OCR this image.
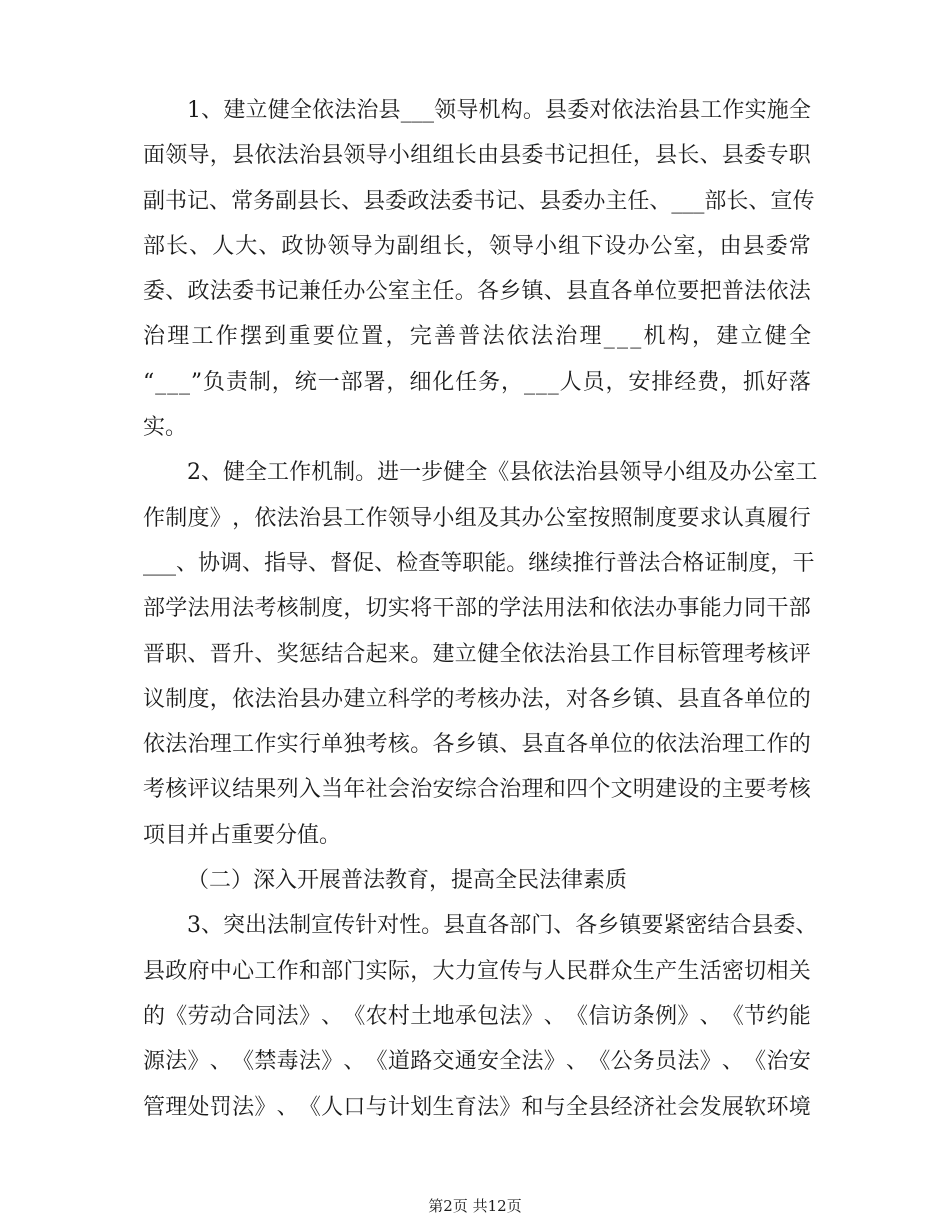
1 、 建 立 健 全 依 法 治 县 _ _ _ 领 导 机 构 。 县 委 对 依 法 治 县 工 作 实 施 全
面 领 导 ， 县 依 法 治 县 领 导 小 组 组 长 由 县 委 书 记 担 任 ， 县 长 、 县 委 专 职
副 书 记 、 常 务 副 县 长 、 县 委 政 法 委 书 记 、 县 委 办 主 任 、 _ _ _ 部 长 、 宣 传
部 长 、 人 大 、 政 协 领 导 为 副 组 长 ， 领 导 小 组 下 设 办 公 室 ， 由 县 委 常
委 、 政 法 委 书 记 兼 任 办 公 室 主 任 。 各 乡 镇 、 县 直 各 单 位 要 把 普 法 依 法
治 理 工 作 摆 到 重 要 位 置 ， 完 善 普 法 依 法 治 理 _ _ _ 机 构 ， 建 立 健 全
“ _ _ _ ” 负 责 制 ， 统 一 部 署 ， 细 化 任 务 ， _ _ _ 人 员 ， 安 排 经 费 ， 抓 好 落
实。
2 、 健 全 工 作 机 制 。 进 一 步 健 全 《 县 依 法 治 县 领 导 小 组 及 办 公 室 工
作 制 度 》 ， 依 法 治 县 工 作 领 导 小 组 及 其 办 公 室 按 照 制 度 要 求 认 真 履 行
_ _ _ 、 协 调 、 指 导 、 督 促 、 检 查 等 职 能 。 继 续 推 行 普 法 合 格 证 制 度 ， 干
部 学 法 用 法 考 核 制 度 ， 切 实 将 干 部 的 学 法 用 法 和 依 法 办 事 能 力 同 干 部
晋 职 、 晋 升 、 奖 惩 结 合 起 来 。 建 立 健 全 依 法 治 县 工 作 目 标 管 理 考 核 评
议 制 度 ， 依 法 治 县 办 建 立 科 学 的 考 核 办 法 ， 对 各 乡 镇 、 县 直 各 单 位 的
依 法 治 理 工 作 实 行 单 独 考 核 。 各 乡 镇 、 县 直 各 单 位 的 依 法 治 理 工 作 的
考 核 评 议 结 果 列 入 当 年 社 会 治 安 综 合 治 理 和 四 个 文 明 建 设 的 主 要 考 核
项目并占重要分值。
（二）深入开展普法教育，提高全民法律素质
3 、 突 出 法 制 宣 传 针 对 性 。 县 直 各 部 门 、 各 乡 镇 要 紧 密 结 合 县 委 、
县 政 府 中 心 工 作 和 部 门 实 际 ， 大 力 宣 传 与 人 民 群 众 生 产 生 活 密 切 相 关
的 《 劳 动 合 同 法 》 、 《 农 村 土 地 承 包 法 》 、 《 信 访 条 例 》 、 《 节 约 能
源 法 》 、 《 禁 毒 法 》 、 《 道 路 交 通 安 全 法 》 、 《 公 务 员 法 》 、 《 治 安
管 理 处 罚 法 》 、 《 人 口 与 计 划 生 育 法 》 和 与 全 县 经 济 社 会 发 展 软 环 境
第2页 共12页
